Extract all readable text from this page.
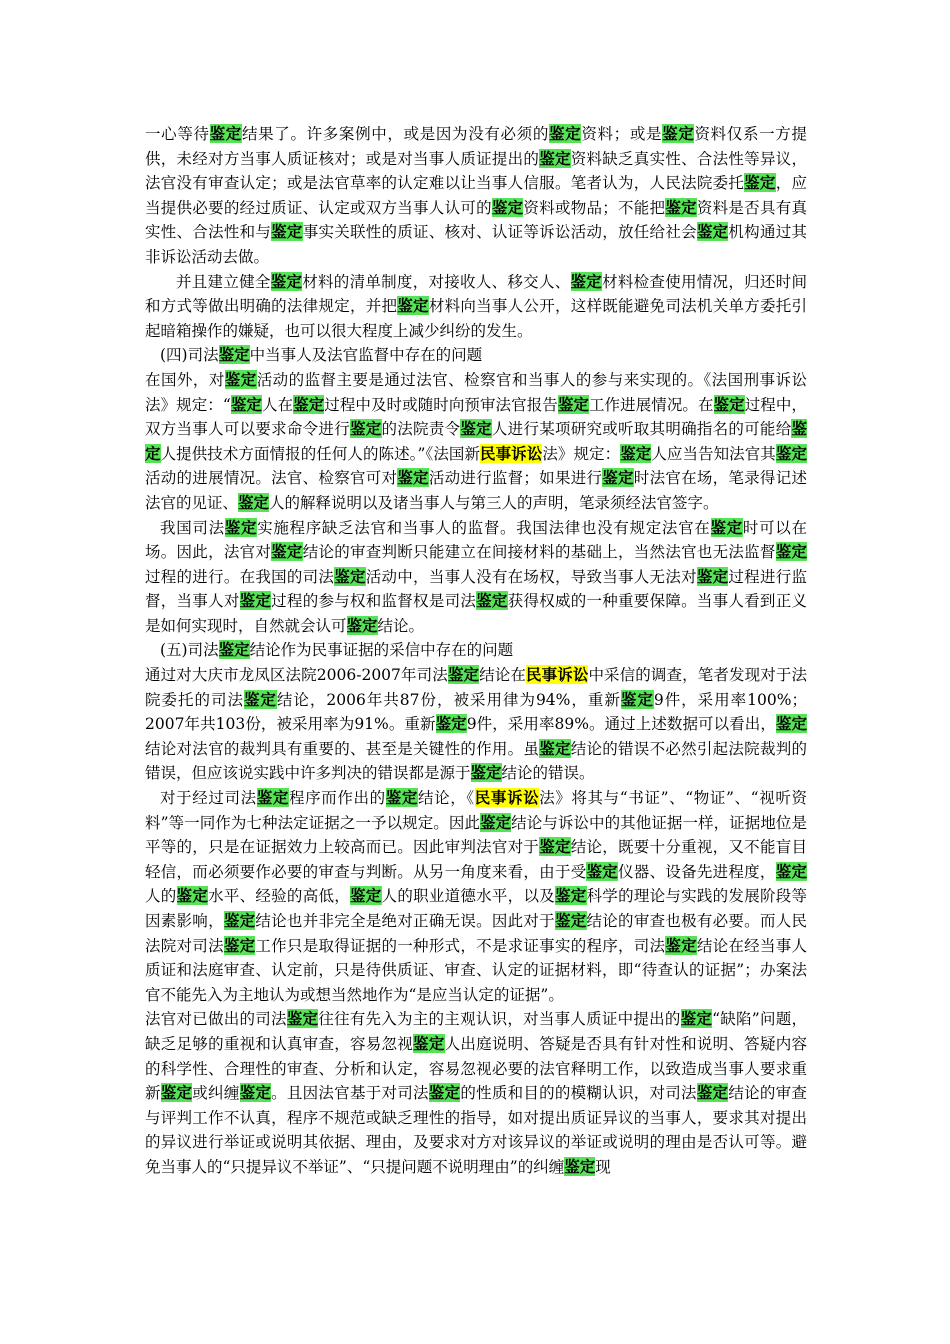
一心等待鉴定结果了。许多案例中，或是因为没有必须的鉴定资料；或是鉴定资料仅系一方提供，未经对方当事人质证核对；或是对当事人质证提出的鉴定资料缺乏真实性、合法性等异议，法官没有审查认定；或是法官草率的认定难以让当事人信服。笔者认为，人民法院委托鉴定，应当提供必要的经过质证、认定或双方当事人认可的鉴定资料或物品；不能把鉴定资料是否具有真实性、合法性和与鉴定事实关联性的质证、核对、认证等诉讼活动，放任给社会鉴定机构通过其非诉讼活动去做。

并且建立健全鉴定材料的清单制度，对接收人、移交人、鉴定材料检查使用情况，归还时间和方式等做出明确的法律规定，并把鉴定材料向当事人公开，这样既能避免司法机关单方委托引起暗箱操作的嫌疑，也可以很大程度上减少纠纷的发生。

(四)司法鉴定中当事人及法官监督中存在的问题

在国外，对鉴定活动的监督主要是通过法官、检察官和当事人的参与来实现的。《法国刑事诉讼法》规定：“鉴定人在鉴定过程中及时或随时向预审法官报告鉴定工作进展情况。在鉴定过程中，双方当事人可以要求命令进行鉴定的法院责令鉴定人进行某项研究或听取其明确指名的可能给鉴定人提供技术方面情报的任何人的陈述。”《法国新民事诉讼法》规定：鉴定人应当告知法官其鉴定活动的进展情况。法官、检察官可对鉴定活动进行监督；如果进行鉴定时法官在场，笔录得记述法官的见证、鉴定人的解释说明以及诸当事人与第三人的声明，笔录须经法官签字。

我国司法鉴定实施程序缺乏法官和当事人的监督。我国法律也没有规定法官在鉴定时可以在场。因此，法官对鉴定结论的审查判断只能建立在间接材料的基础上，当然法官也无法监督鉴定过程的进行。在我国的司法鉴定活动中，当事人没有在场权，导致当事人无法对鉴定过程进行监督，当事人对鉴定过程的参与权和监督权是司法鉴定获得权威的一种重要保障。当事人看到正义是如何实现时，自然就会认可鉴定结论。

(五)司法鉴定结论作为民事证据的采信中存在的问题

通过对大庆市龙凤区法院2006-2007年司法鉴定结论在民事诉讼中采信的调查，笔者发现对于法院委托的司法鉴定结论，2006年共87份，被采用律为94%，重新鉴定9件，采用率100%；2007年共103份，被采用率为91%。重新鉴定9件，采用率89%。通过上述数据可以看出，鉴定结论对法官的裁判具有重要的、甚至是关键性的作用。虽鉴定结论的错误不必然引起法院裁判的错误，但应该说实践中许多判决的错误都是源于鉴定结论的错误。

对于经过司法鉴定程序而作出的鉴定结论，《民事诉讼法》将其与“书证”、“物证”、“视听资料”等一同作为七种法定证据之一予以规定。因此鉴定结论与诉讼中的其他证据一样，证据地位是平等的，只是在证据效力上较高而已。因此审判法官对于鉴定结论，既要十分重视，又不能盲目轻信，而必须要作必要的审查与判断。从另一角度来看，由于受鉴定仪器、设备先进程度，鉴定人的鉴定水平、经验的高低，鉴定人的职业道德水平，以及鉴定科学的理论与实践的发展阶段等因素影响，鉴定结论也并非完全是绝对正确无误。因此对于鉴定结论的审查也极有必要。而人民法院对司法鉴定工作只是取得证据的一种形式，不是求证事实的程序，司法鉴定结论在经当事人质证和法庭审查、认定前，只是待供质证、审查、认定的证据材料，即“待查认的证据”；办案法官不能先入为主地认为或想当然地作为“是应当认定的证据”。

法官对已做出的司法鉴定往往有先入为主的主观认识，对当事人质证中提出的鉴定“缺陷”问题，缺乏足够的重视和认真审查，容易忽视鉴定人出庭说明、答疑是否具有针对性和说明、答疑内容的科学性、合理性的审查、分析和认定，容易忽视必要的法官释明工作，以致造成当事人要求重新鉴定或纠缠鉴定。且因法官基于对司法鉴定的性质和目的的模糊认识，对司法鉴定结论的审查与评判工作不认真，程序不规范或缺乏理性的指导，如对提出质证异议的当事人，要求其对提出的异议进行举证或说明其依据、理由，及要求对方对该异议的举证或说明的理由是否认可等。避免当事人的“只提异议不举证”、“只提问题不说明理由”的纠缠鉴定现
